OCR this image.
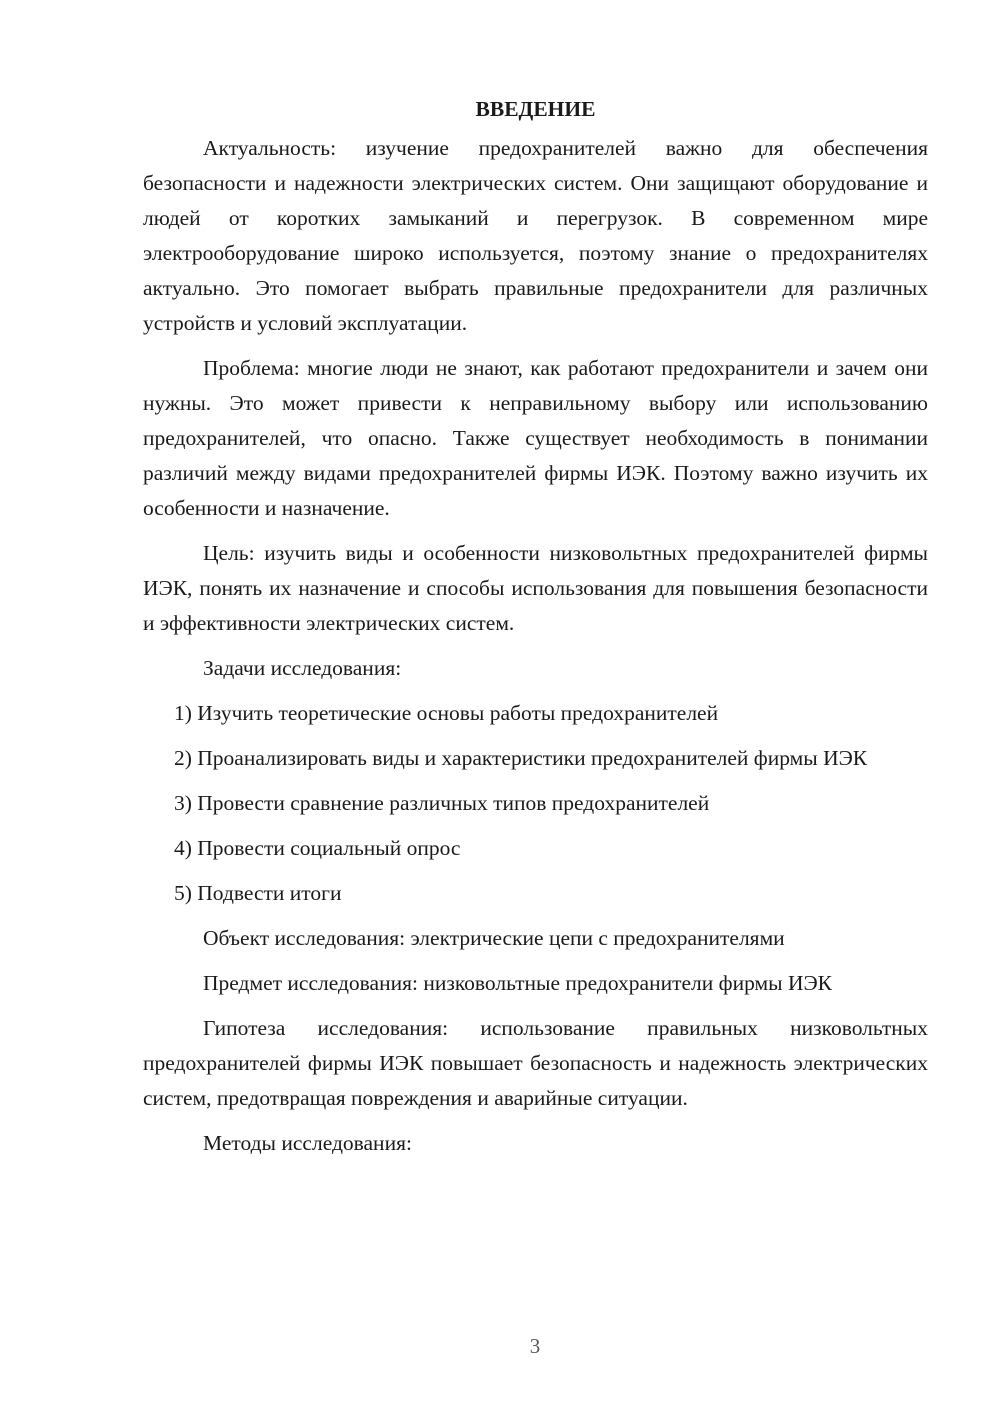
ВВЕДЕНИЕ

Актуальность: изучение предохранителей важно для обеспечения безопасности и надежности электрических систем. Они защищают оборудование и людей от коротких замыканий и перегрузок. В современном мире электрооборудование широко используется, поэтому знание о предохранителях актуально. Это помогает выбрать правильные предохранители для различных устройств и условий эксплуатации.

Проблема: многие люди не знают, как работают предохранители и зачем они нужны. Это может привести к неправильному выбору или использованию предохранителей, что опасно. Также существует необходимость в понимании различий между видами предохранителей фирмы ИЭК. Поэтому важно изучить их особенности и назначение.

Цель: изучить виды и особенности низковольтных предохранителей фирмы ИЭК, понять их назначение и способы использования для повышения безопасности и эффективности электрических систем.

Задачи исследования:

1) Изучить теоретические основы работы предохранителей

2) Проанализировать виды и характеристики предохранителей фирмы ИЭК

3) Провести сравнение различных типов предохранителей

4) Провести социальный опрос

5) Подвести итоги

Объект исследования: электрические цепи с предохранителями

Предмет исследования: низковольтные предохранители фирмы ИЭК

Гипотеза исследования: использование правильных низковольтных предохранителей фирмы ИЭК повышает безопасность и надежность электрических систем, предотвращая повреждения и аварийные ситуации.

Методы исследования:

3
